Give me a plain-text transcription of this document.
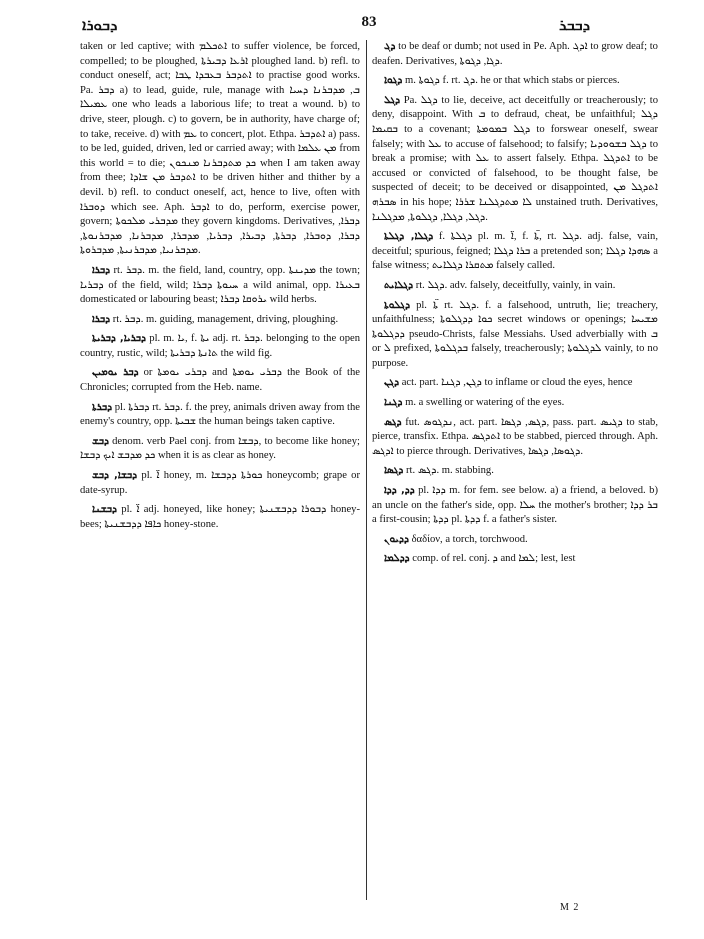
ܕܒܘܪܐ	83	ܕܒܒܪ

taken or led captive; with ܐܬܟܠܡ to suffer violence, be forced, compelled; to be ploughed, ܐܪܥܐ ܕܒܝܪܬܐ ploughed land. b) refl. to conduct oneself, act; ܐܬܕܒܪ ܒܥܒܕܐ ܛܒܐ to practise good works. Pa. ܕܒܪ a) to lead, guide, rule, manage with ܒ, ܡܕܒܪܢܐ ܕܚܝܐ ܥܡܝܠܐ one who leads a laborious life; to treat a wound. b) to drive, steer, plough. c) to govern, be in authority, have charge of; to take, receive. d) with ܥܡ to concert, plot. Ethpa. ܐܬܕܒܪ a) pass. to be led, guided, driven, led or carried away; with ܡܢ ܥܠܡܐ from this world = to die; ܟܕ ܡܬܕܒܪܢܐ ܡܢܟܘܢ when I am taken away from thee; ܐܬܕܒܪ ܡܢ ܫܐܕܐ to be driven hither and thither by a devil. b) refl. to conduct oneself, act, hence to live, often with ܕܘܒܪܐ which see. Aph. ܐܕܒܪ to do, perform, exercise power, govern; ܡܕܒܪܝ ܡܠܟܘܬܐ they govern kingdoms. Derivatives, ܕܒܪܐ, ܕܒܪܐ, ܕܘܒܪܐ, ܕܒܪܬܐ, ܕܒܝܪܐ, ܕܒܪܝܐ, ܡܕܒܪܐ, ܡܕܒܪܢܐ, ܡܕܒܪܢܘܬܐ, ܡܕܒܪܢܝܐ, ܡܕܒܪܢܝܬܐ, ܡܕܒܪܘܬܐ.

ܕܒܪܐ rt. ܕܒܪ. m. the field, land, country, opp. ܡܕܝܢܬܐ the town; ܕܒܪܝܐ of the field, wild; ܚܝܘܬܐ ܕܒܪܐ a wild animal, opp. ܒܥܝܪܐ domesticated or labouring beast; ܝܪܘܩܐ ܕܒܪܐ wild herbs.

ܕܒܪܐ rt. ܕܒܪ. m. guiding, management, driving, ploughing.

ܕܒܪܝܐ, ܕܒܪܝܬܐ pl. m. ܝܐ, f. ܝܬܐ adj. rt. ܕܒܪ. belonging to the open country, rustic, wild; ܬܐܢܬܐ ܕܒܪܝܬܐ the wild fig.

ܕܒܪ ܝܘܡܝܢ or ܕܒܪܝ ܝܘܡܬܐ and ܕܒܪܝ ܝܘܡܬܐ the Book of the Chronicles; corrupted from the Heb. name.

ܕܒܪܬܐ pl. ܕܒܪܬܐ rt. ܕܒܪ. f. the prey, animals driven away from the enemy's country, opp. ܫܒܝܬܐ the human beings taken captive.

ܕܒܫ denom. verb Pael conj. from ܕܒܫܐ, to become like honey; ܟܕ ܡܕܒܫ ܐܝܟ ܕܒܫܐ when it is as clear as honey.

ܕܒܫܐ, ܕܒܫ pl. ܐ̈ honey, m. ܟܘܪܬܐ ܕܕܒܫܐ honeycomb; grape or date-syrup.

ܕܒܫܢܐ pl. ܐ̈ adj. honeyed, like honey; ܕܒܘܪܐ ܕܕܒܫܢܝܬܐ honey-bees; ܟܐܦܐ ܕܕܒܫܢܝܬܐ honey-stone.

ܕܓ to be deaf or dumb; not used in Pe. Aph. ܐܕܓ to grow deaf; to deafen. Derivatives, ܕܓܐ, ܕܓܘܬܐ.

ܕܓܘܐ m. ܕܓܘܬܐ f. rt. ܕܓ. he or that which stabs or pierces.

ܕܓܠ Pa. ܕܓܠ to lie, deceive, act deceitfully or treacherously; to deny, disappoint. With ܒ to defraud, cheat, be unfaithful; ܕܓܠ ܒܩܝܡܐ to a covenant; ܕܓܠ ܒܡܘܡܬܐ to forswear oneself, swear falsely; with ܥܠ to accuse of falsehood; to falsify; ܕܓܠ ܒܫܘܘܕܝܐ to break a promise; with ܥܠ to assert falsely. Ethpa. ܐܬܕܓܠ to be accused or convicted of falsehood, to be thought false, be suspected of deceit; to be deceived or disappointed, ܐܬܕܓܠ ܡܢ ܣܒܪܗ in his hope; ܠܐ ܡܬܕܓܠܢܐ ܫܪܪܐ unstained truth. Derivatives, ܕܓܠ, ܕܓܠܐ, ܕܓܠܘܬܐ, ܡܕܓܠܢܐ.

ܕܓܠܐ, ܕܓܠܬܐ f. ܕܓܠܬܐ pl. m. ܐ̈, f. ܬܐ̈, rt. ܕܓܠ. adj. false, vain, deceitful; spurious, feigned; ܒܪܐ ܕܓܠܐ a pretended son; ܣܗܕܐ ܕܓܠܐ a false witness; ܡܬܩܪܐ ܕܓܠܐܝܬ falsely called.

ܕܓܠܐܝܬ rt. ܕܓܠ. adv. falsely, deceitfully, vainly, in vain.

ܕܓܠܘܬܐ pl. ܬܐ̈ rt. ܕܓܠ. f. a falsehood, untruth, lie; treachery, unfaithfulness; ܟܘܐ ܕܕܓܠܘܬܐ secret windows or openings; ܡܫܝܚܐ ܕܕܓܠܘܬܐ pseudo-Christs, false Messiahs. Used adverbially with ܒ or ܠ prefixed, ܒܕܓܠܘܬܐ falsely, treacherously; ܠܕܓܠܘܬܐ vainly, to no purpose.

ܕܓܢ act. part. ܕܓܢ, ܕܓܢܐ to inflame or cloud the eyes, hence

ܕܓܢܐ m. a swelling or watering of the eyes.

ܕܓܣ fut. ܢܕܓܘܣ, act. part. ܕܓܣ, ܕܓܣܐ, pass. part. ܕܓܝܣ to stab, pierce, transfix. Ethpa. ܐܬܕܓܣ to be stabbed, pierced through. Aph. ܐܕܓܣ to pierce through. Derivatives, ܕܓܘܣܐ, ܕܓܣܐ.

ܕܓܣܐ rt. ܕܓܣ. m. stabbing.

ܕܕ, ܕܕܐ pl. ܕܕܐ m. for fem. see below. a) a friend, a beloved. b) an uncle on the father's side, opp. ܚܠܐ the mother's brother; ܒܪ ܕܕܐ a first-cousin; ܕܕܬܐ pl. ܕܕܬܐ f. a father's sister.

ܕܕܝܘܢ δαδίον, a torch, torchwood.

ܕܕܠܡܐ comp. of rel. conj. ܕ and ܠܡܐ; lest, lest

M 2
